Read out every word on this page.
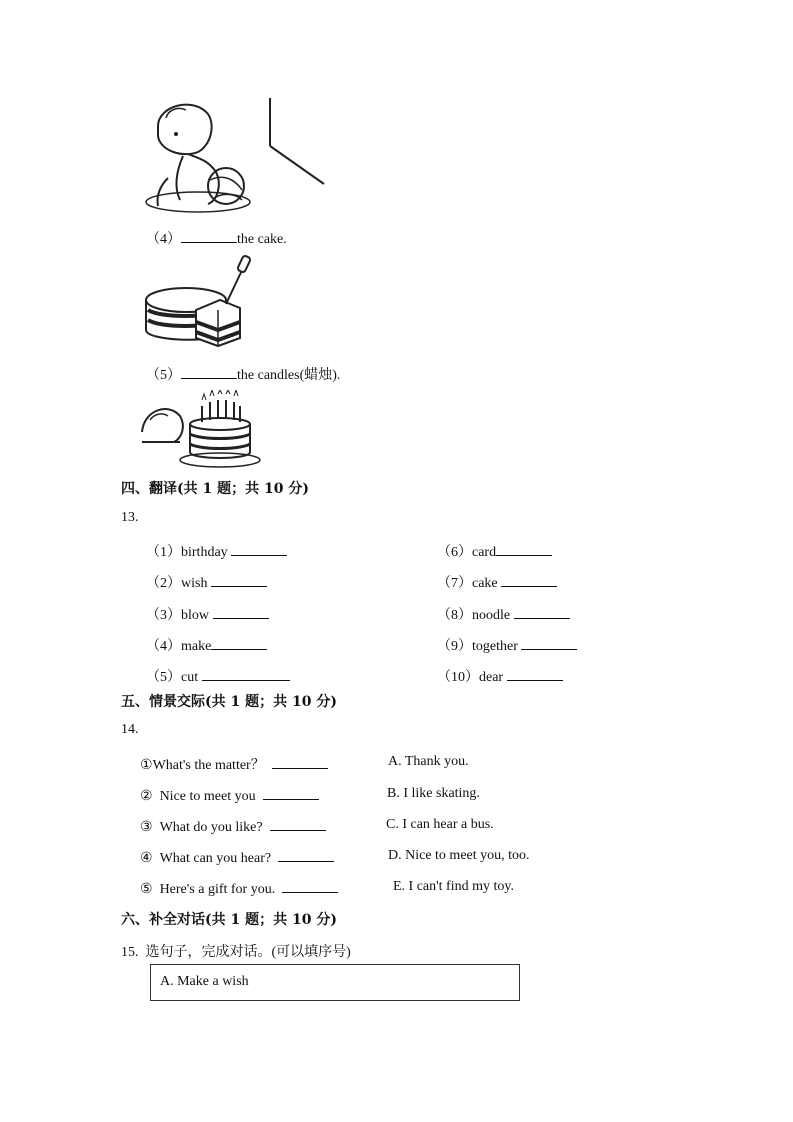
（4）	the cake.
（5）	the candles(蜡烛).
四、翻译(共 1 题；共 10 分)
13.
（1）birthday
（2）wish
（3）blow
（4）make
（5）cut
（6）card
（7）cake
（8）noodle
（9）together
（10）dear
五、情景交际(共 1 题；共 10 分)
14.
①What's the matter？
② Nice to meet you
③ What do you like?
④ What can you hear?
⑤ Here's a gift for you.
A. Thank you.
B. I like skating.
C. I can hear a bus.
D. Nice to meet you, too.
E. I can't find my toy.
六、补全对话(共 1 题；共 10 分)
15. 选句子，完成对话。(可以填序号)
A. Make a wish
